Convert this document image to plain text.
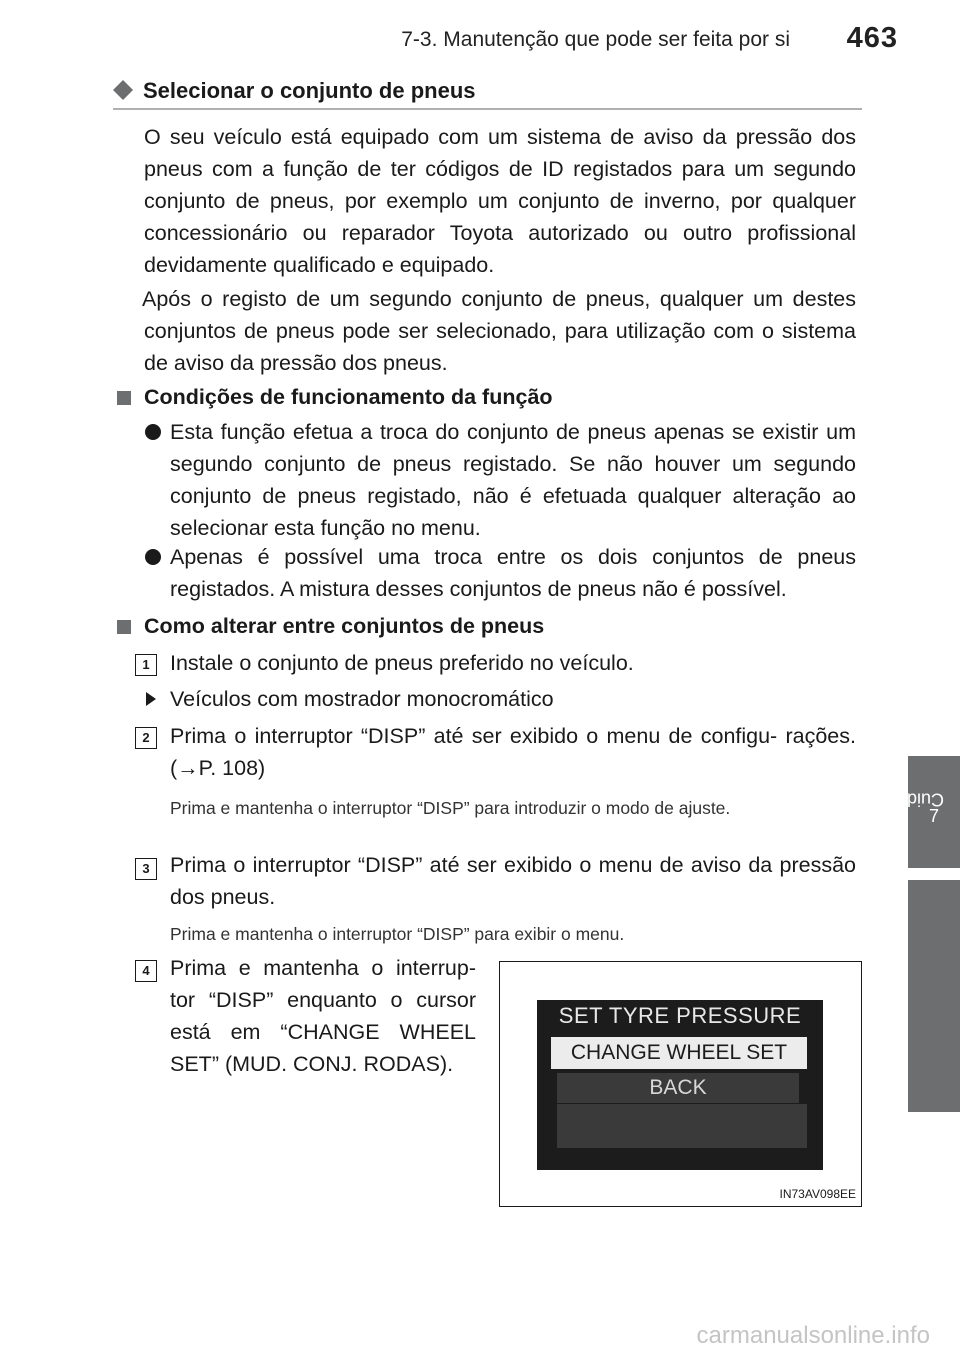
7-3. Manutenção que pode ser feita por si	463
7
Cuidados e manutenção
Selecionar o conjunto de pneus
O seu veículo está equipado com um sistema de aviso da pressão dos pneus com a função de ter códigos de ID registados para um segundo conjunto de pneus, por exemplo um conjunto de inverno, por qualquer concessionário ou reparador Toyota autorizado ou outro profissional devidamente qualificado e equipado.
Após o registo de um segundo conjunto de pneus, qualquer um destes conjuntos de pneus pode ser selecionado, para utilização com o sistema de aviso da pressão dos pneus.
Condições de funcionamento da função
Esta função efetua a troca do conjunto de pneus apenas se existir um segundo conjunto de pneus registado. Se não houver um segundo conjunto de pneus registado, não é efetuada qualquer alteração ao selecionar esta função no menu.
Apenas é possível uma troca entre os dois conjuntos de pneus registados. A mistura desses conjuntos de pneus não é possível.
Como alterar entre conjuntos de pneus
1 Instale o conjunto de pneus preferido no veículo.
Veículos com mostrador monocromático
2 Prima o interruptor “DISP” até ser exibido o menu de configu- rações. (→P. 108)
Prima e mantenha o interruptor “DISP” para introduzir o modo de ajuste.
3 Prima o interruptor “DISP” até ser exibido o menu de aviso da pressão dos pneus.
Prima e mantenha o interruptor “DISP” para exibir o menu.
4 Prima e mantenha o interrup- tor “DISP” enquanto o cursor está em “CHANGE WHEEL SET” (MUD. CONJ. RODAS).
SET TYRE PRESSURE
CHANGE WHEEL SET
BACK
IN73AV098EE
carmanualsonline.info
